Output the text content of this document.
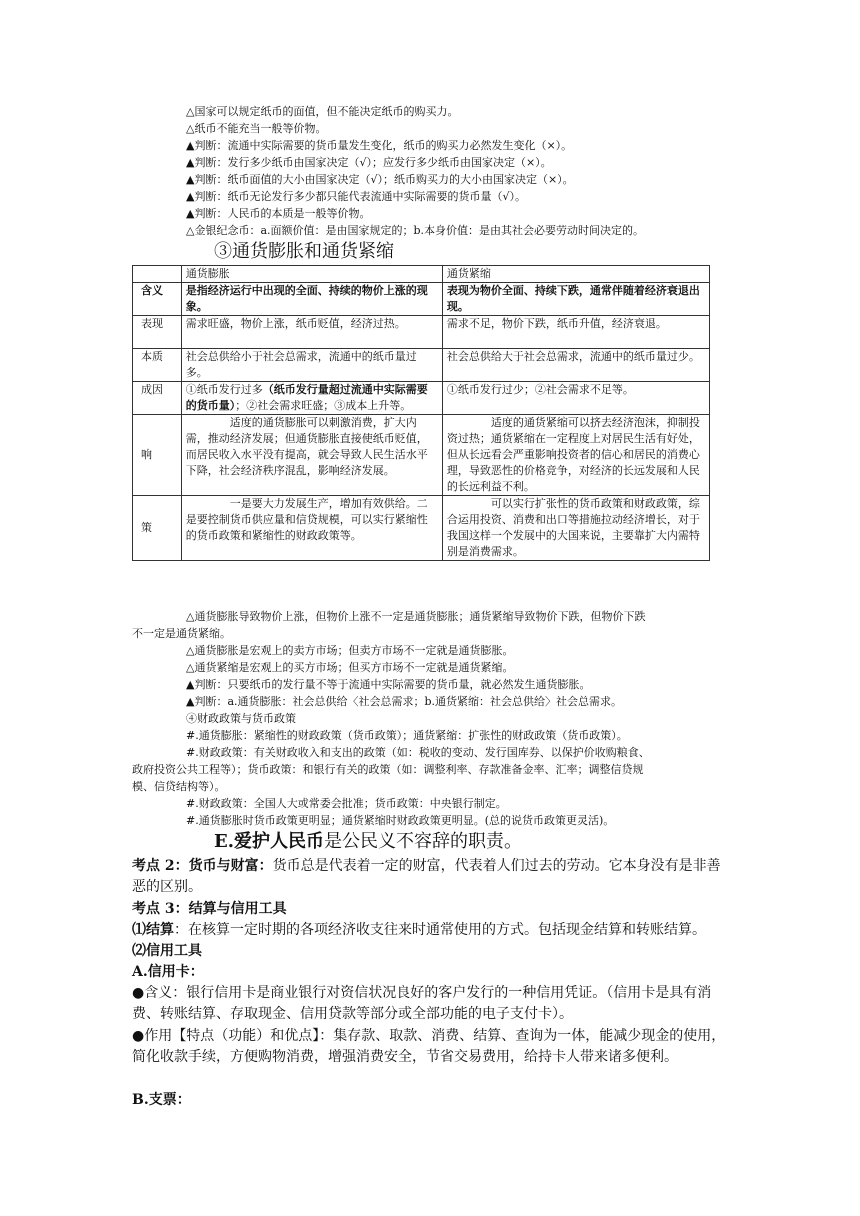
△国家可以规定纸币的面值，但不能决定纸币的购买力。
△纸币不能充当一般等价物。
▲判断：流通中实际需要的货币量发生变化，纸币的购买力必然发生变化（×）。
▲判断：发行多少纸币由国家决定（√）；应发行多少纸币由国家决定（×）。
▲判断：纸币面值的大小由国家决定（√）；纸币购买力的大小由国家决定（×）。
▲判断：纸币无论发行多少都只能代表流通中实际需要的货币量（√）。
▲判断：人民币的本质是一般等价物。
△金银纪念币：a.面额价值：是由国家规定的；b.本身价值：是由其社会必要劳动时间决定的。
③通货膨胀和通货紧缩
	通货膨胀	通货紧缩
含义	是指经济运行中出现的全面、持续的物价上涨的现象。	表现为物价全面、持续下跌，通常伴随着经济衰退出现。
表现	需求旺盛，物价上涨，纸币贬值，经济过热。	需求不足，物价下跌，纸币升值，经济衰退。
本质	社会总供给小于社会总需求，流通中的纸币量过多。	社会总供给大于社会总需求，流通中的纸币量过少。
成因	①纸币发行过多（纸币发行量超过流通中实际需要的货币量）；②社会需求旺盛；③成本上升等。	①纸币发行过少；②社会需求不足等。
响	适度的通货膨胀可以刺激消费，扩大内需，推动经济发展；但通货膨胀直接使纸币贬值，而居民收入水平没有提高，就会导致人民生活水平下降，社会经济秩序混乱，影响经济发展。	适度的通货紧缩可以挤去经济泡沫，抑制投资过热；通货紧缩在一定程度上对居民生活有好处，但从长远看会严重影响投资者的信心和居民的消费心理，导致恶性的价格竞争，对经济的长远发展和人民的长远利益不利。
策	一是要大力发展生产，增加有效供给。二是要控制货币供应量和信贷规模，可以实行紧缩性的货币政策和紧缩性的财政政策等。	可以实行扩张性的货币政策和财政政策，综合运用投资、消费和出口等措施拉动经济增长，对于我国这样一个发展中的大国来说，主要靠扩大内需特别是消费需求。
△通货膨胀导致物价上涨，但物价上涨不一定是通货膨胀；通货紧缩导致物价下跌，但物价下跌
不一定是通货紧缩。
△通货膨胀是宏观上的卖方市场；但卖方市场不一定就是通货膨胀。
△通货紧缩是宏观上的买方市场；但买方市场不一定就是通货紧缩。
▲判断：只要纸币的发行量不等于流通中实际需要的货币量，就必然发生通货膨胀。
▲判断：a.通货膨胀：社会总供给〈社会总需求；b.通货紧缩：社会总供给〉社会总需求。
④财政政策与货币政策
#.通货膨胀：紧缩性的财政政策（货币政策）；通货紧缩：扩张性的财政政策（货币政策）。
#.财政政策：有关财政收入和支出的政策（如：税收的变动、发行国库券、以保护价收购粮食、
政府投资公共工程等）；货币政策：和银行有关的政策（如：调整利率、存款准备金率、汇率；调整信贷规
模、信贷结构等）。
#.财政政策：全国人大或常委会批准；货币政策：中央银行制定。
#.通货膨胀时货币政策更明显；通货紧缩时财政政策更明显。(总的说货币政策更灵活)。
E.爱护人民币是公民义不容辞的职责。
考点 2：货币与财富：货币总是代表着一定的财富，代表着人们过去的劳动。它本身没有是非善恶的区别。
考点 3：结算与信用工具
⑴结算：在核算一定时期的各项经济收支往来时通常使用的方式。包括现金结算和转账结算。
⑵信用工具
A.信用卡：
●含义：银行信用卡是商业银行对资信状况良好的客户发行的一种信用凭证。（信用卡是具有消费、转账结算、存取现金、信用贷款等部分或全部功能的电子支付卡）。
●作用【特点（功能）和优点】：集存款、取款、消费、结算、查询为一体，能减少现金的使用，简化收款手续，方便购物消费，增强消费安全，节省交易费用，给持卡人带来诸多便利。
B.支票：
